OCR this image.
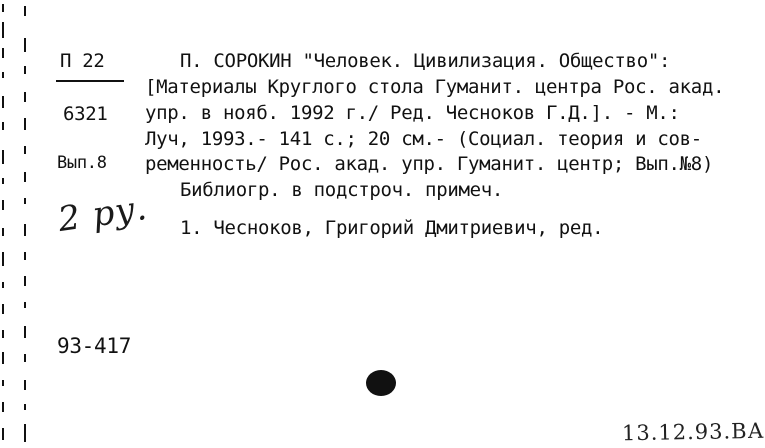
П 22
6321
Вып.8
2 ру.
93-417
П. СОРОКИН "Человек. Цивилизация. Общество":
[Материалы Круглого стола Гуманит. центра Рос. акад.
упр. в нояб. 1992 г./ Ред. Чесноков Г.Д.]. - М.:
Луч, 1993.- 141 с.; 20 см.- (Социал. теория и сов-
ременность/ Рос. акад. упр. Гуманит. центр; Вып.№8)
Библиогр. в подстроч. примеч.
1. Чесноков, Григорий Дмитриевич, ред.
13.12.93.ВА
